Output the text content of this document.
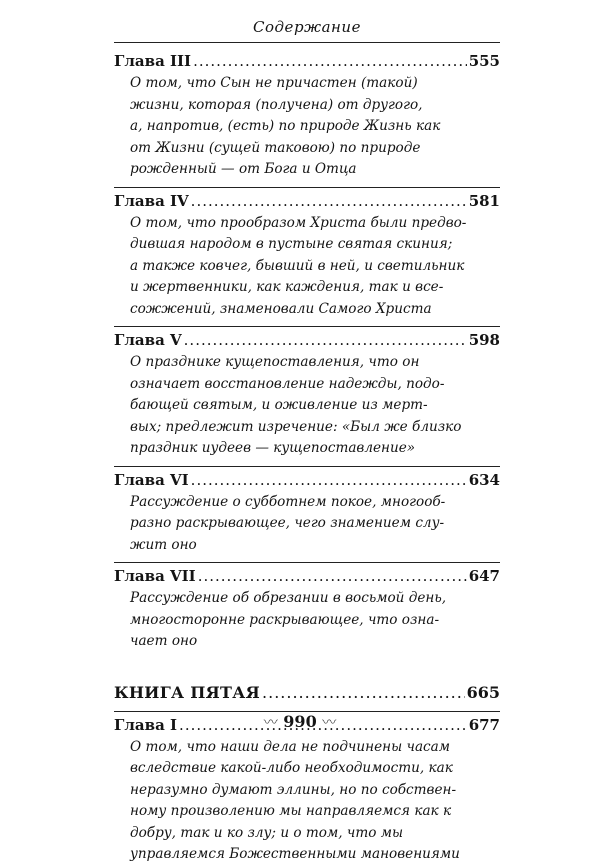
Содержание
Глава III .....	555
О том, что Сын не причастен (такой)
жизни, которая (получена) от другого,
а, напротив, (есть) по природе Жизнь как
от Жизни (сущей таковою) по природе
рожденный — от Бога и Отца
Глава IV .....	581
О том, что прообразом Христа были предво-
дившая народом в пустыне святая скиния;
а также ковчег, бывший в ней, и светильник
и жертвенники, как каждения, так и все-
сожжений, знаменовали Самого Христа
Глава V .....	598
О празднике кущепоставления, что он
означает восстановление надежды, подо-
бающей святым, и оживление из мерт-
вых; предлежит изречение: «Был же близко
праздник иудеев — кущепоставление»
Глава VI .....	634
Рассуждение о субботнем покое, многооб-
разно раскрывающее, чего знамением слу-
жит оно
Глава VII .....	647
Рассуждение об обрезании в восьмой день,
многосторонне раскрывающее, что озна-
чает оно
КНИГА ПЯТАЯ .....	665
Глава I .....	677
О том, что наши дела не подчинены часам
вследствие какой-либо необходимости, как
неразумно думают эллины, но по собствен-
ному произволению мы направляемся как к
добру, так и ко злу; и о том, что мы
управляемся Божественными мановениями
〰 990 〰
